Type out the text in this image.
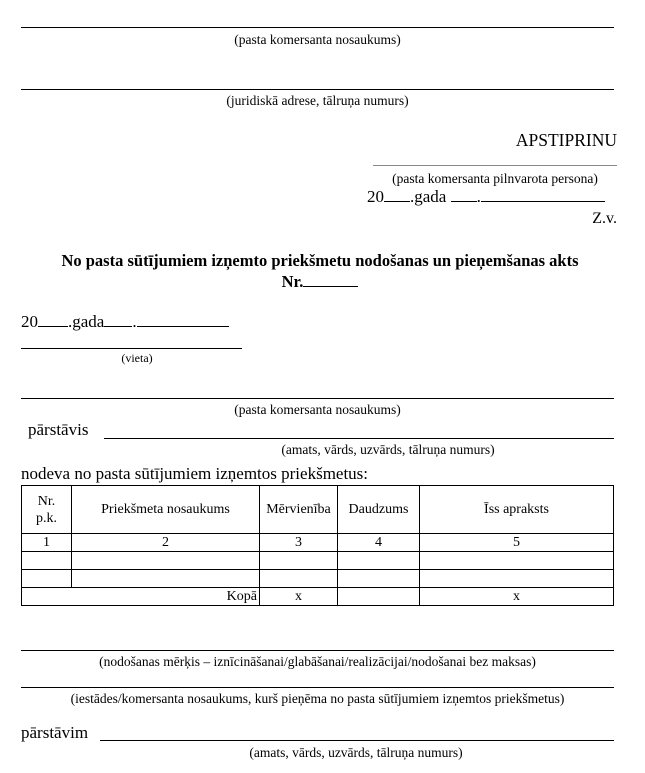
(pasta komersanta nosaukums)
(juridiskā adrese, tālruņa numurs)
APSTIPRINU
(pasta komersanta pilnvarota persona)
20 .gada .
Z.v.
No pasta sūtījumiem izņemto priekšmetu nodošanas un pieņemšanas akts
Nr.
20 .gada .
(vieta)
(pasta komersanta nosaukums)
pārstāvis
(amats, vārds, uzvārds, tālruņa numurs)
nodeva no pasta sūtījumiem izņemtos priekšmetus:
Nr. p.k.	Priekšmeta nosaukums	Mērvienība	Daudzums	Īss apraksts
1	2	3	4	5

Kopā		x		x
(nodošanas mērķis – iznīcināšanai/glabāšanai/realizācijai/nodošanai bez maksas)
(iestādes/komersanta nosaukums, kurš pieņēma no pasta sūtījumiem izņemtos priekšmetus)
pārstāvim
(amats, vārds, uzvārds, tālruņa numurs)
